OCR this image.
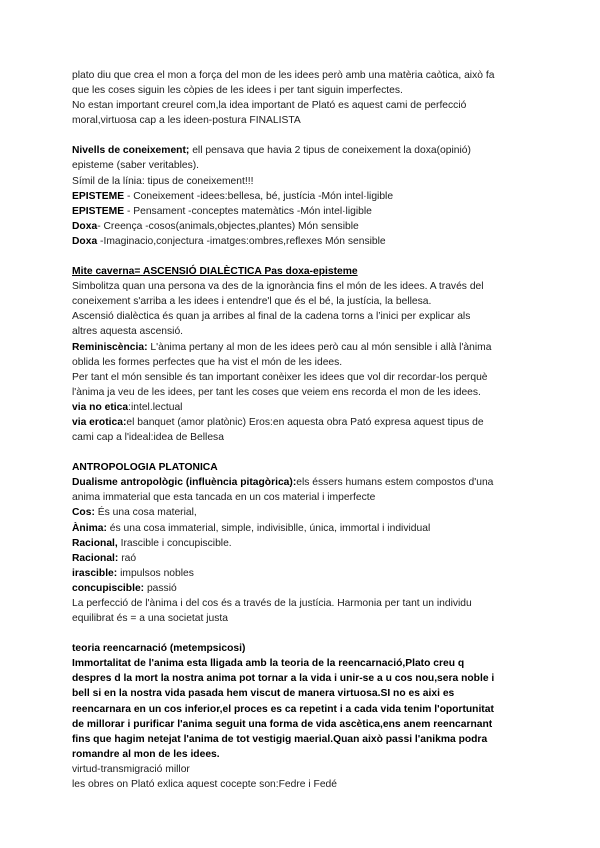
plato diu que crea el mon a força del mon de les idees però amb una matèria caòtica, això fa

que les coses siguin les còpies de les idees i per tant siguin imperfectes.

No estan important creurel com,la idea important de Plató es aquest cami de perfecció

moral,virtuosa cap a les ideen-postura FINALISTA

Nivells de coneixement; ell pensava que havia 2 tipus de coneixement la doxa(opinió)

episteme (saber veritables).

Símil de la línia: tipus de coneixement!!!

EPISTEME - Coneixement -idees:bellesa, bé, justícia -Món intel·ligible

EPISTEME - Pensament -conceptes matemàtics -Món intel·ligible

Doxa- Creença -cosos(animals,objectes,plantes) Món sensible

Doxa -Imaginacio,conjectura -imatges:ombres,reflexes Món sensible

Mite caverna= ASCENSIÓ DIALÈCTICA Pas doxa-episteme

Simbolitza quan una persona va des de la ignorància fins el món de les idees. A través del

coneixement s'arriba a les idees i entendre'l que és el bé, la justícia, la bellesa.

Ascensió dialèctica és quan ja arribes al final de la cadena torns a l’inici per explicar als

altres aquesta ascensió.

Reminiscència: L'ànima pertany al mon de les idees però cau al món sensible i allà l'ànima

oblida les formes perfectes que ha vist el món de les idees.

Per tant el món sensible és tan important conèixer les idees que vol dir recordar-los perquè

l'ànima ja veu de les idees, per tant les coses que veiem ens recorda el mon de les idees.

via no etica:intel.lectual

via erotica:el banquet (amor platònic) Eros:en aquesta obra Pató expresa aquest tipus de

cami cap a l'ideal:idea de Bellesa

ANTROPOLOGIA PLATONICA

Dualisme antropològic (influència pitagòrica):els éssers humans estem compostos d'una

anima immaterial que esta tancada en un cos material i imperfecte

Cos: És una cosa material,

Ànima: és una cosa immaterial, simple, indivisiblle, única, immortal i individual

Racional, Irascible i concupiscible.

Racional: raó

irascible: impulsos nobles

concupiscible: passió

La perfecció de l'ànima i del cos és a través de la justícia. Harmonia per tant un individu

equilibrat és = a una societat justa

teoria reencarnació (metempsicosi)

Immortalitat de l'anima esta lligada amb la teoria de la reencarnació,Plato creu q

despres d la mort la nostra anima pot tornar a la vida i unir-se a u cos nou,sera noble i

bell si en la nostra vida pasada hem viscut de manera virtuosa.SI no es aixi es

reencarnara en un cos inferior,el proces es ca repetint i a cada vida tenim l'oportunitat

de millorar i purificar l'anima seguit una forma de vida ascètica,ens anem reencarnant

fins que hagim netejat l'anima de tot vestigig maerial.Quan això passi l'anikma podra

romandre al mon de les idees.

virtud-transmigració millor

les obres on Plató exlica aquest cocepte son:Fedre i Fedé
